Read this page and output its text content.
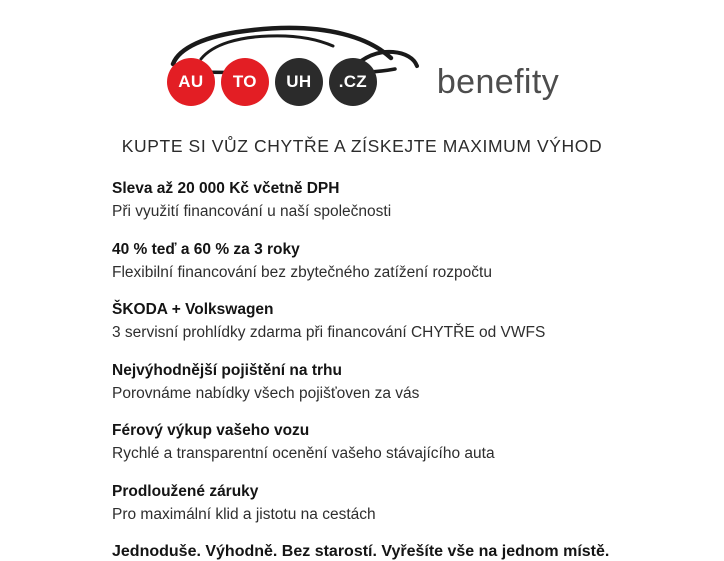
AU	TO	UH	.CZ benefity
KUPTE SI VŮZ CHYTŘE A ZÍSKEJTE MAXIMUM VÝHOD
Sleva až 20 000 Kč včetně DPH
Při využití financování u naší společnosti
40 % teď a 60 % za 3 roky
Flexibilní financování bez zbytečného zatížení rozpočtu
ŠKODA + Volkswagen
3 servisní prohlídky zdarma při financování CHYTŘE od VWFS
Nejvýhodnější pojištění na trhu
Porovnáme nabídky všech pojišťoven za vás
Férový výkup vašeho vozu
Rychlé a transparentní ocenění vašeho stávajícího auta
Prodloužené záruky
Pro maximální klid a jistotu na cestách
Jednoduše. Výhodně. Bez starostí. Vyřešíte vše na jednom místě.
